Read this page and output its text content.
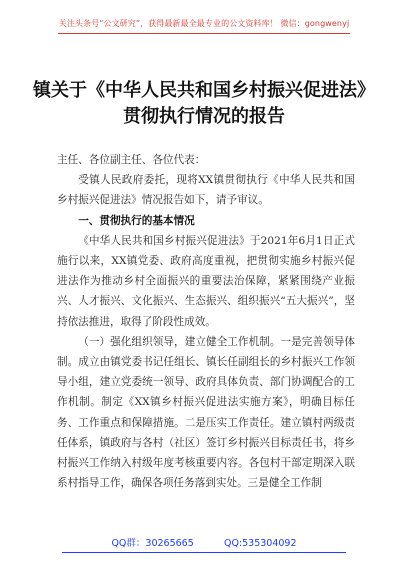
关注头条号“公文研究”，获得最新最全最专业的公文资料库！ 微信：gongwenyj
镇关于《中华人民共和国乡村振兴促进法》
贯彻执行情况的报告

主任、各位副主任、各位代表：

受镇人民政府委托，现将XX镇贯彻执行《中华人民共和国乡村振兴促进法》情况报告如下，请予审议。

一、贯彻执行的基本情况

《中华人民共和国乡村振兴促进法》于2021年6月1日正式施行以来，XX镇党委、政府高度重视，把贯彻实施乡村振兴促进法作为推动乡村全面振兴的重要法治保障，紧紧围绕产业振兴、人才振兴、文化振兴、生态振兴、组织振兴“五大振兴”，坚持依法推进，取得了阶段性成效。

（一）强化组织领导，建立健全工作机制。一是完善领导体制。成立由镇党委书记任组长、镇长任副组长的乡村振兴工作领导小组，建立党委统一领导、政府具体负责、部门协调配合的工作机制。制定《XX镇乡村振兴促进法实施方案》，明确目标任务、工作重点和保障措施。二是压实工作责任。建立镇村两级责任体系，镇政府与各村（社区）签订乡村振兴目标责任书，将乡村振兴工作纳入村级年度考核重要内容。各包村干部定期深入联系村指导工作，确保各项任务落到实处。三是健全工作制

QQ群：30265665	QQ:535304092
